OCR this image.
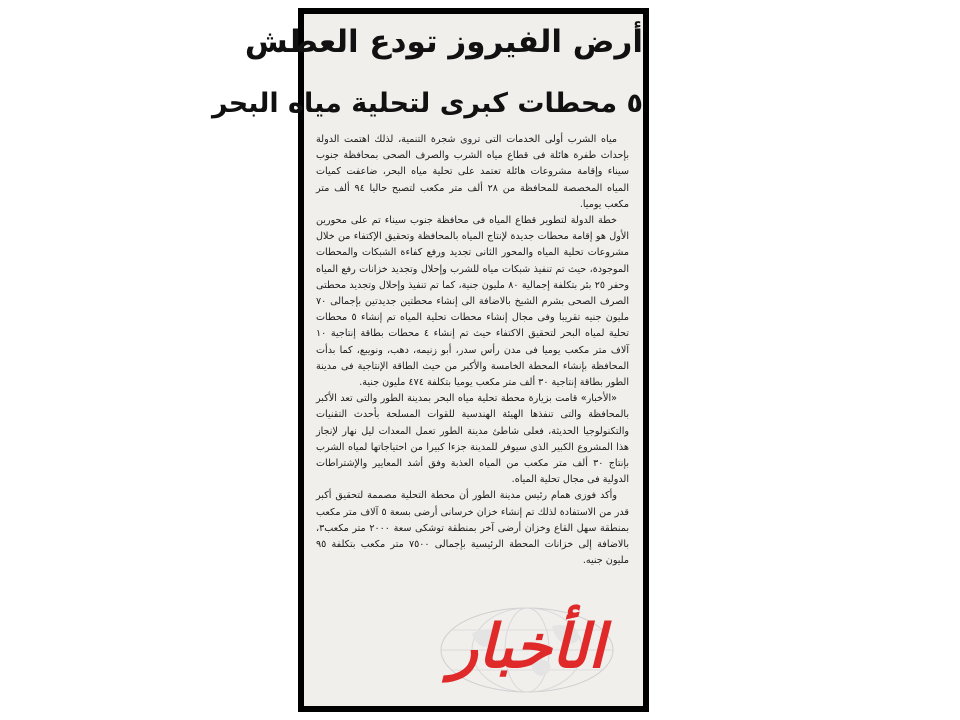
أرض الفيروز تودع العطش
٥ محطات كبرى لتحلية مياه البحر

مياه الشرب أولى الخدمات التى تروى شجرة التنمية، لذلك اهتمت الدولة بإحداث طفرة هائلة فى قطاع مياه الشرب والصرف الصحى بمحافظة جنوب سيناء وإقامة مشروعات هائلة تعتمد على تحلية مياه البحر، ضاعفت كميات المياه المخصصة للمحافظة من ٢٨ ألف متر مكعب لتصبح حاليا ٩٤ ألف متر مكعب يوميا.

خطة الدولة لتطوير قطاع المياه فى محافظة جنوب سيناء تم على محورين الأول هو إقامة محطات جديدة لإنتاج المياه بالمحافظة وتحقيق الإكتفاء من خلال مشروعات تحلية المياه والمحور الثانى تجديد ورفع كفاءة الشبكات والمحطات الموجودة، حيث تم تنفيذ شبكات مياه للشرب وإحلال وتجديد خزانات رفع المياه وحفر ٢٥ بئر بتكلفة إجمالية ٨٠ مليون جنية، كما تم تنفيذ وإحلال وتجديد محطتى الصرف الصحى بشرم الشيخ بالاضافة الى إنشاء محطتين جديدتين بإجمالى ٧٠ مليون جنيه تقريبا وفى مجال إنشاء محطات تحلية المياه تم إنشاء ٥ محطات تحلية لمياه البحر لتحقيق الاكتفاء حيث تم إنشاء ٤ محطات بطاقة إنتاجية ١٠ آلاف متر مكعب يوميا فى مدن رأس سدر، أبو زنيمه، دهب، ونويبع، كما بدأت المحافظة بإنشاء المحطة الخامسة والأكبر من حيث الطاقة الإنتاجية فى مدينة الطور بطاقة إنتاجية ٣٠ ألف متر مكعب يوميا بتكلفة ٤٧٤ مليون جنية.

«الأخبار» قامت بزيارة محطة تحلية مياه البحر بمدينة الطور والتى تعد الأكبر بالمحافظة والتى تنفذها الهيئة الهندسية للقوات المسلحة بأحدث التقنيات والتكنولوجيا الحديثة، فعلى شاطئ مدينة الطور تعمل المعدات ليل نهار لإنجاز هذا المشروع الكبير الذى سيوفر للمدينة جزءا كبيرا من احتياجاتها لمياه الشرب بإنتاج ٣٠ ألف متر مكعب من المياه العذبة وفق أشد المعايير والإشتراطات الدولية فى مجال تحلية المياه.

وأكد فوزى همام رئيس مدينة الطور أن محطة التحلية مصممة لتحقيق أكبر قدر من الاستفادة لذلك تم إنشاء خزان خرسانى أرضى بسعة ٥ آلاف متر مكعب بمنطقة سهل القاع وخزان أرضى آخر بمنطقة توشكى سعة ٢٠٠٠ متر مكعب٣، بالاضافة إلى خزانات المحطة الرئيسية بإجمالى ٧٥٠٠ متر مكعب بتكلفة ٩٥ مليون جنيه.

الأخبار
